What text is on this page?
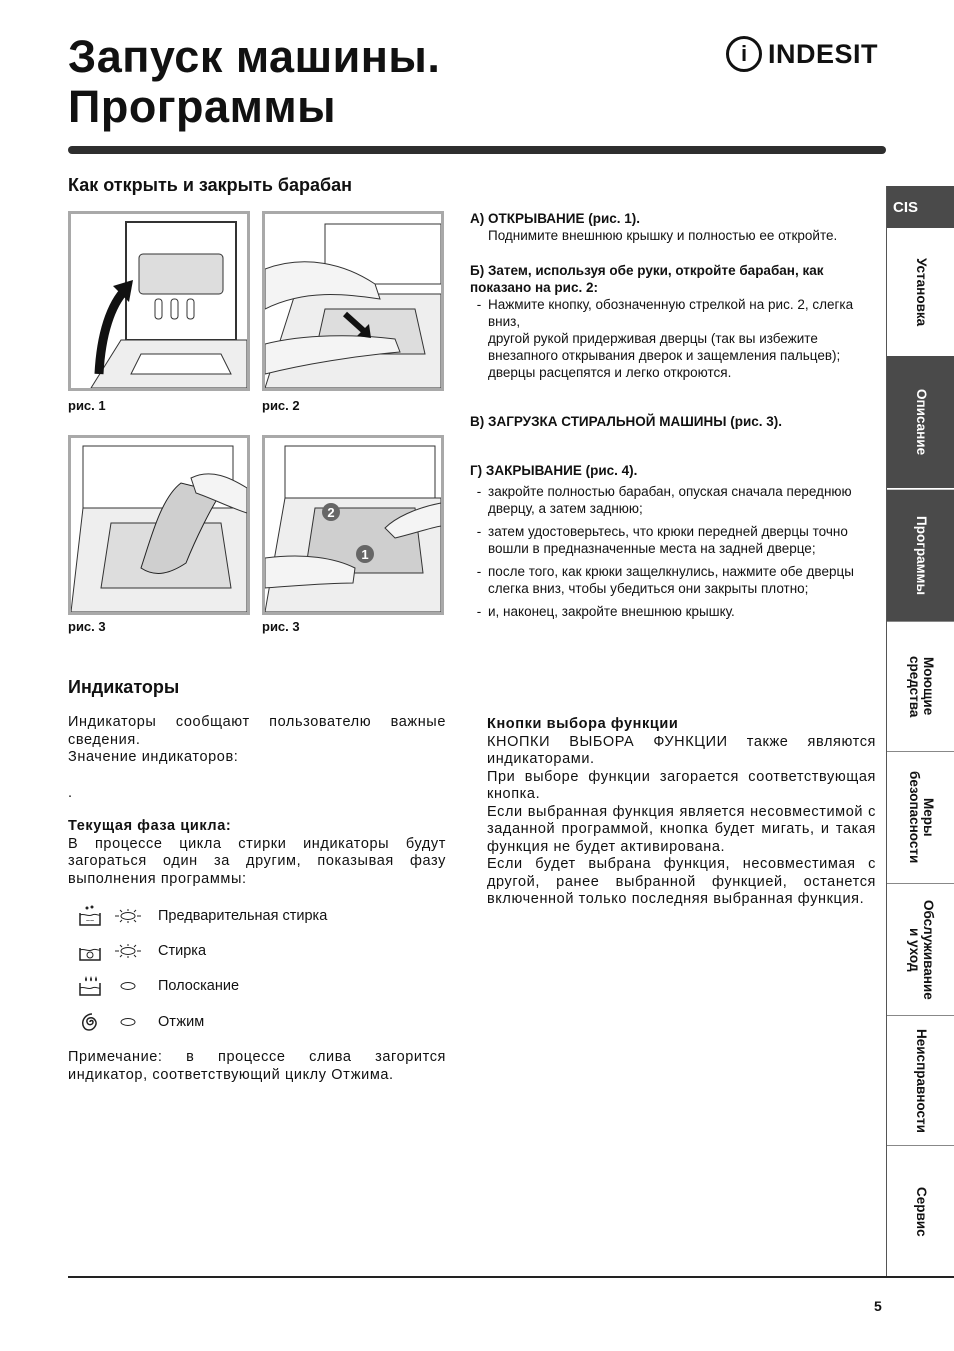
Запуск машины.
Программы
i INDESIT
Как открыть и закрыть барабан
рис. 1	рис. 2
рис. 3
2
1
рис. 3
А) ОТКРЫВАНИЕ (рис. 1).
Поднимите внешнюю крышку и полностью ее откройте.
Б) Затем, используя обе руки, откройте барабан, как показано на рис. 2:
- Нажмите кнопку, обозначенную стрелкой на рис. 2, слегка вниз,
другой рукой придерживая дверцы (так вы избежите внезапного открывания дверок и защемления пальцев); дверцы расцепятся и легко откроются.
В) ЗАГРУЗКА СТИРАЛЬНОЙ МАШИНЫ (рис. 3).
Г) ЗАКРЫВАНИЕ (рис. 4).
- закройте полностью барабан, опуская сначала переднюю дверцу, а затем заднюю;
- затем удостоверьтесь, что крюки передней дверцы точно вошли в предназначенные места на задней дверце;
- после того, как крюки защелкнулись, нажмите обе дверцы слегка вниз, чтобы убедиться они закрыты плотно;
- и, наконец, закройте внешнюю крышку.
Индикаторы
Индикаторы сообщают пользователю важные сведения.
Значение индикаторов:
.
Текущая фаза цикла:
В процессе цикла стирки индикаторы будут загораться один за другим, показывая фазу выполнения программы:
~~	Предварительная стирка
Стирка
Полоскание
Отжим
Примечание: в процессе слива загорится индикатор, соответствующий циклу Отжима.
Кнопки выбора функции
КНОПКИ ВЫБОРА ФУНКЦИИ также являются индикаторами.
При выборе функции загорается соответствующая кнопка.
Если выбранная функция является несовместимой с заданной программой, кнопка будет мигать, и такая функция не будет активирована.
Если будет выбрана функция, несовместимая с другой, ранее выбранной функцией, останется включенной только последняя выбранная функция.
CIS
Установка
Описание
Программы
Моющие
средства
Меры
безопасности
Обслуживание
и уход
Неисправности
Сервис
5
